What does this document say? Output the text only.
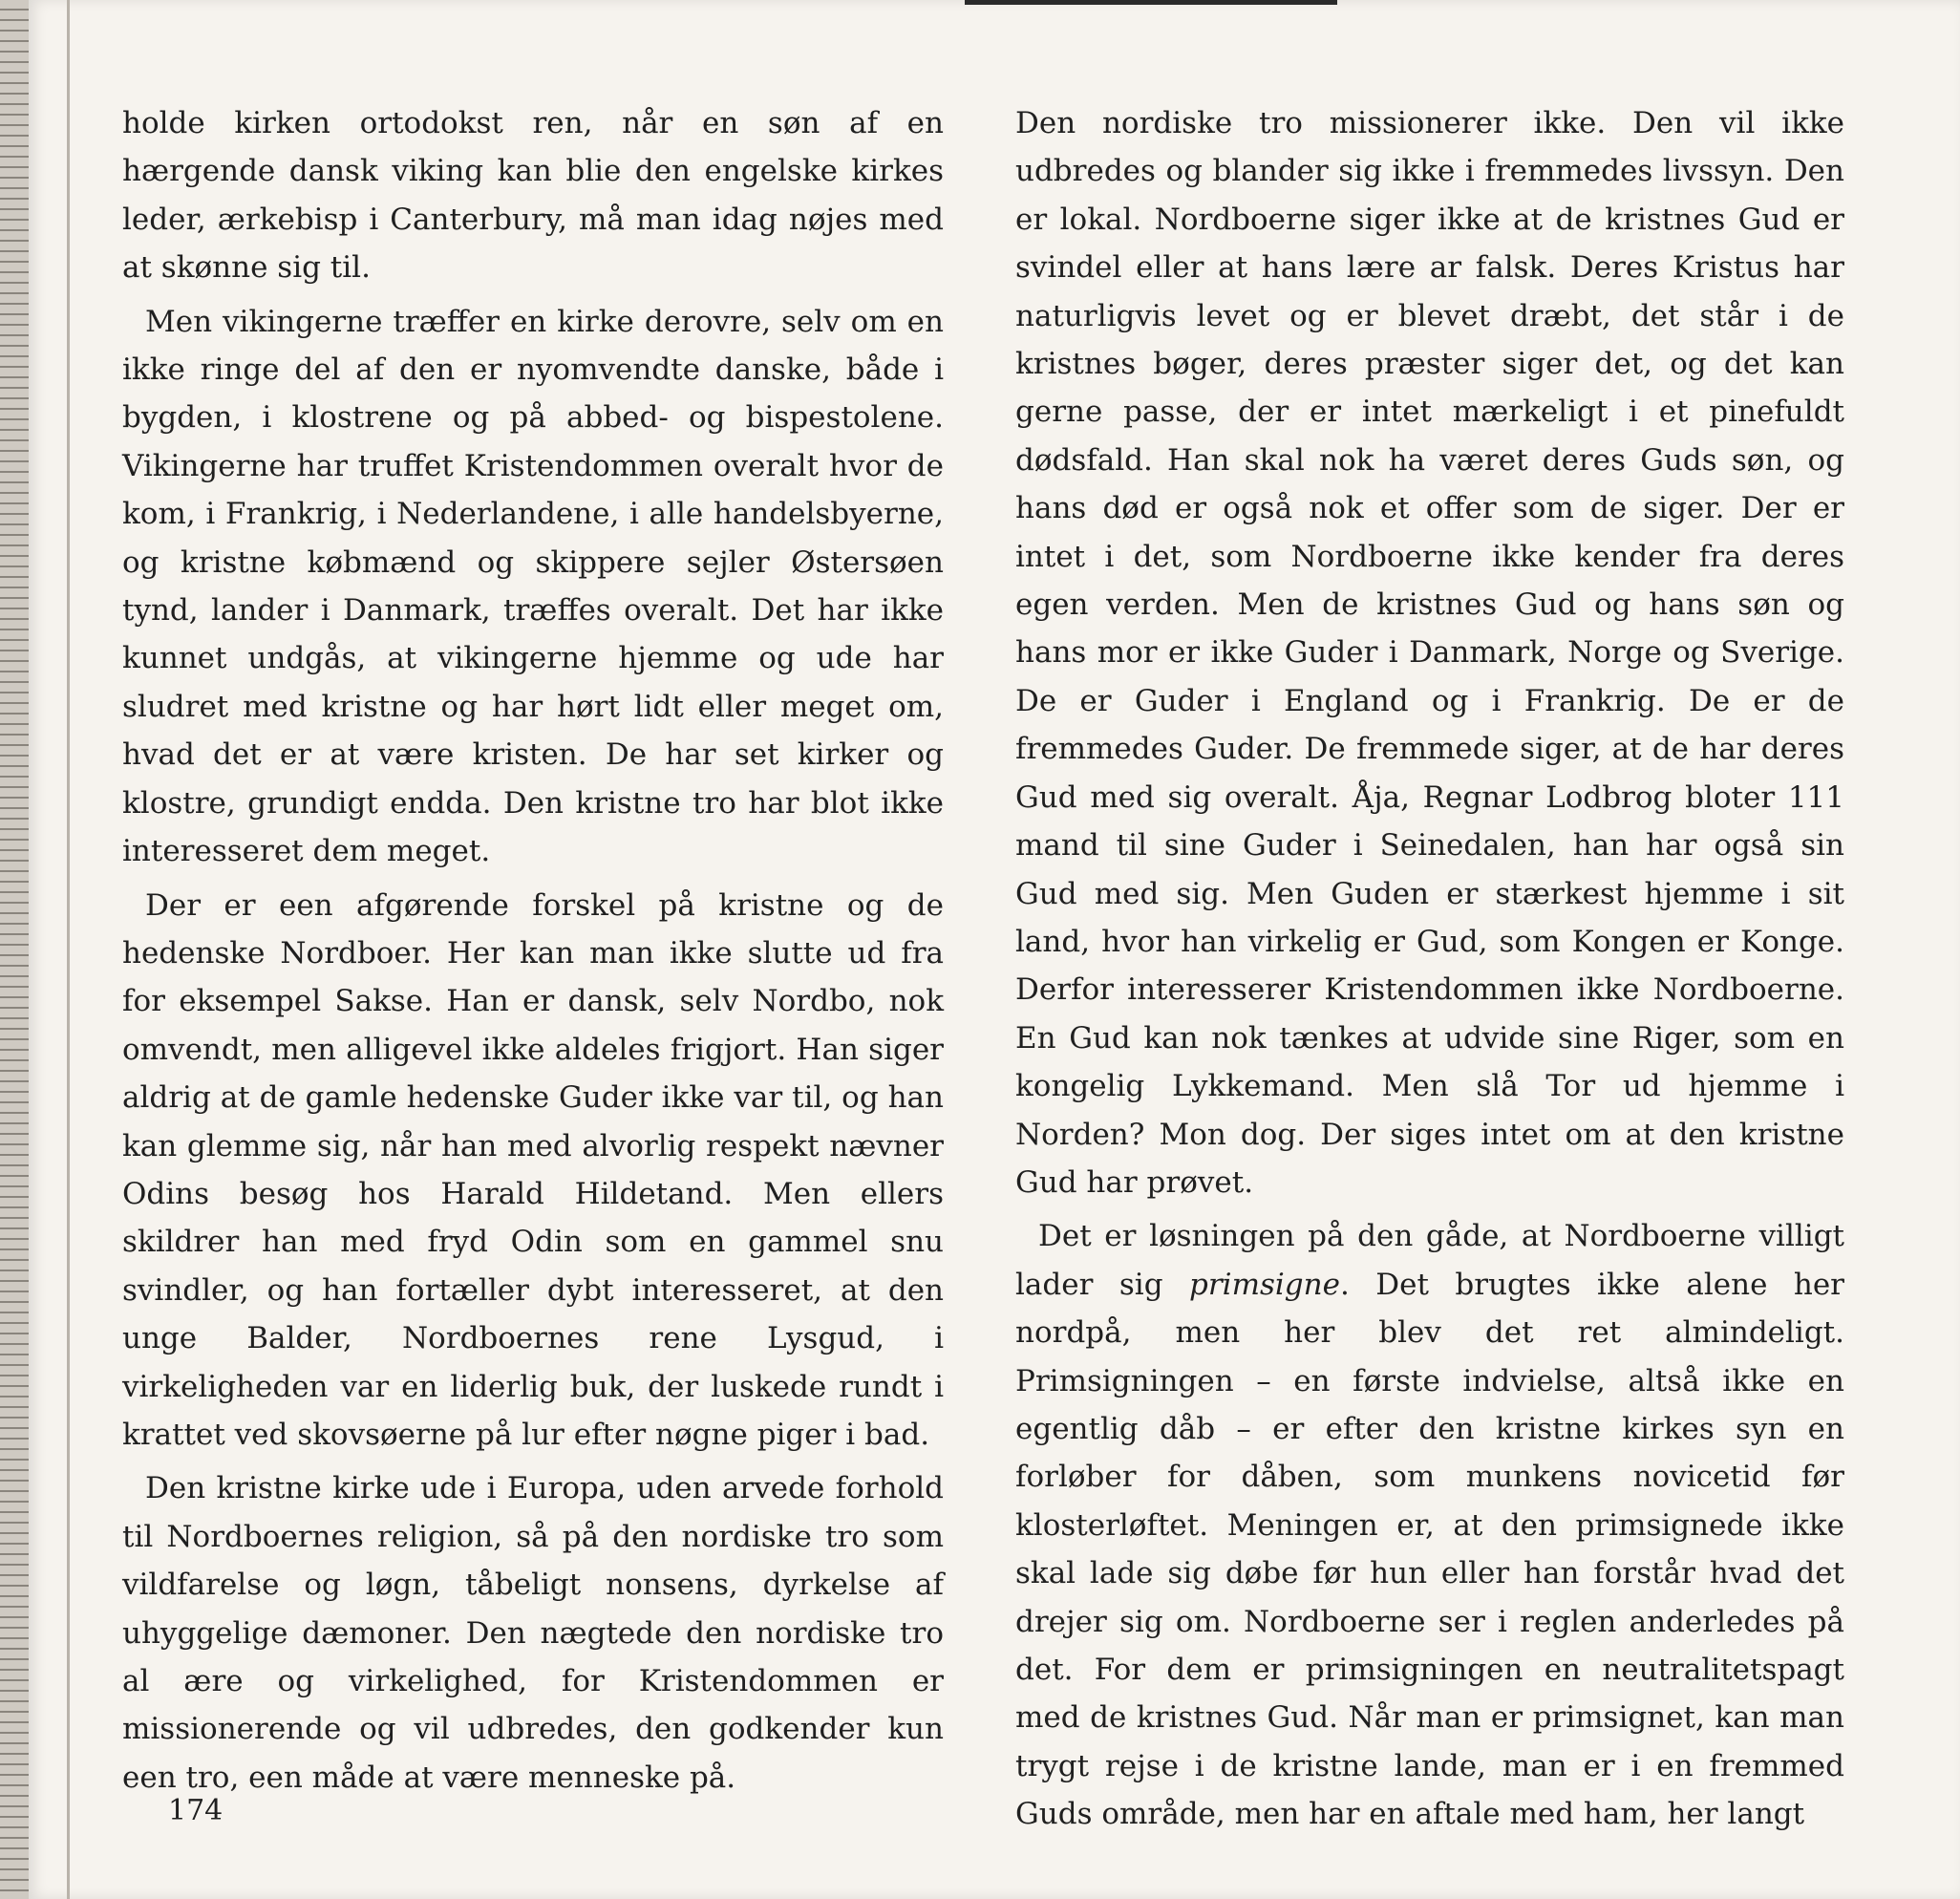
holde kirken ortodokst ren, når en søn af en hærgende dansk viking kan blie den engelske kirkes leder, ærkebisp i Canterbury, må man idag nøjes med at skønne sig til.

Men vikingerne træffer en kirke derovre, selv om en ikke ringe del af den er nyomvendte danske, både i bygden, i klostrene og på abbed- og bispestolene. Vikingerne har truffet Kristendommen overalt hvor de kom, i Frankrig, i Nederlandene, i alle handelsbyerne, og kristne købmænd og skippere sejler Østersøen tynd, lander i Danmark, træffes overalt. Det har ikke kunnet undgås, at vikingerne hjemme og ude har sludret med kristne og har hørt lidt eller meget om, hvad det er at være kristen. De har set kirker og klostre, grundigt endda. Den kristne tro har blot ikke interesseret dem meget.

Der er een afgørende forskel på kristne og de hedenske Nordboer. Her kan man ikke slutte ud fra for eksempel Sakse. Han er dansk, selv Nordbo, nok omvendt, men alligevel ikke aldeles frigjort. Han siger aldrig at de gamle hedenske Guder ikke var til, og han kan glemme sig, når han med alvorlig respekt nævner Odins besøg hos Harald Hildetand. Men ellers skildrer han med fryd Odin som en gammel snu svindler, og han fortæller dybt interesseret, at den unge Balder, Nordboernes rene Lysgud, i virkeligheden var en liderlig buk, der luskede rundt i krattet ved skovsøerne på lur efter nøgne piger i bad.

Den kristne kirke ude i Europa, uden arvede forhold til Nordboernes religion, så på den nordiske tro som vildfarelse og løgn, tåbeligt nonsens, dyrkelse af uhyggelige dæmoner. Den nægtede den nordiske tro al ære og virkelighed, for Kristendommen er missionerende og vil udbredes, den godkender kun een tro, een måde at være menneske på.

Den nordiske tro missionerer ikke. Den vil ikke udbredes og blander sig ikke i fremmedes livssyn. Den er lokal. Nordboerne siger ikke at de kristnes Gud er svindel eller at hans lære ar falsk. Deres Kristus har naturligvis levet og er blevet dræbt, det står i de kristnes bøger, deres præster siger det, og det kan gerne passe, der er intet mærkeligt i et pinefuldt dødsfald. Han skal nok ha været deres Guds søn, og hans død er også nok et offer som de siger. Der er intet i det, som Nordboerne ikke kender fra deres egen verden. Men de kristnes Gud og hans søn og hans mor er ikke Guder i Danmark, Norge og Sverige. De er Guder i England og i Frankrig. De er de fremmedes Guder. De fremmede siger, at de har deres Gud med sig overalt. Åja, Regnar Lodbrog bloter 111 mand til sine Guder i Seinedalen, han har også sin Gud med sig. Men Guden er stærkest hjemme i sit land, hvor han virkelig er Gud, som Kongen er Konge. Derfor interesserer Kristendommen ikke Nordboerne. En Gud kan nok tænkes at udvide sine Riger, som en kongelig Lykkemand. Men slå Tor ud hjemme i Norden? Mon dog. Der siges intet om at den kristne Gud har prøvet.

Det er løsningen på den gåde, at Nordboerne villigt lader sig primsigne. Det brugtes ikke alene her nordpå, men her blev det ret almindeligt. Primsigningen – en første indvielse, altså ikke en egentlig dåb – er efter den kristne kirkes syn en forløber for dåben, som munkens novicetid før klosterløftet. Meningen er, at den primsignede ikke skal lade sig døbe før hun eller han forstår hvad det drejer sig om. Nordboerne ser i reglen anderledes på det. For dem er primsigningen en neutralitetspagt med de kristnes Gud. Når man er primsignet, kan man trygt rejse i de kristne lande, man er i en fremmed Guds område, men har en aftale med ham, her langt

174
